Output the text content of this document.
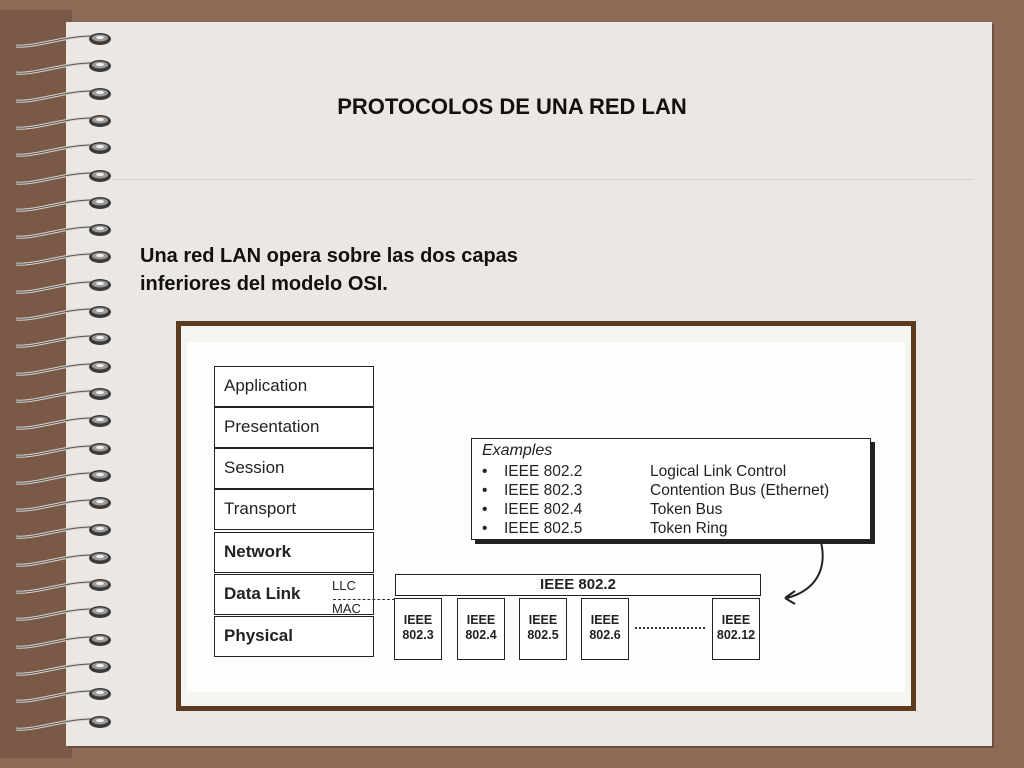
PROTOCOLOS DE UNA RED LAN
Una red LAN opera sobre las dos capas
inferiores del modelo OSI.
Application
Presentation
Session
Transport
Network
Data Link
Physical
LLC
MAC
Examples
• IEEE 802.2	Logical Link Control
• IEEE 802.3	Contention Bus (Ethernet)
• IEEE 802.4	Token Bus
• IEEE 802.5	Token Ring
IEEE 802.2
IEEE
802.3
IEEE
802.4
IEEE
802.5
IEEE
802.6
IEEE
802.12
